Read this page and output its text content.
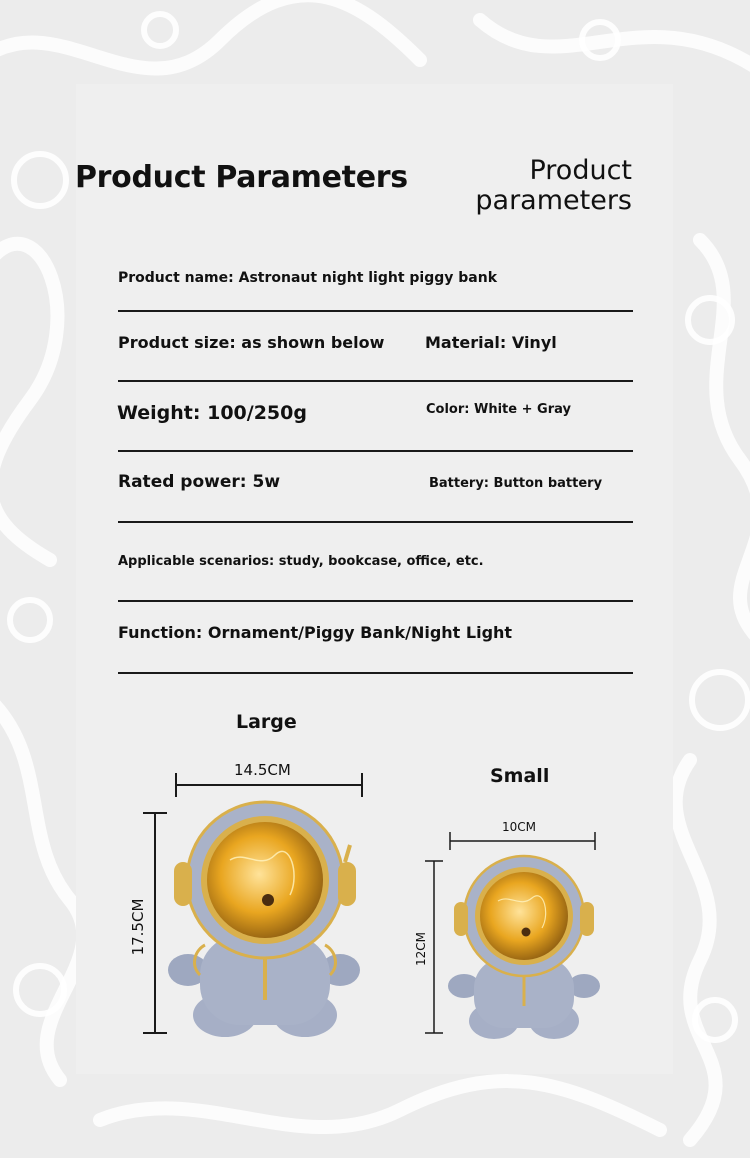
Product Parameters	Product
parameters
Product name: Astronaut night light piggy bank
Product size: as shown below	Material: Vinyl
Weight: 100/250g	Color: White + Gray
Rated power: 5w	Battery: Button battery
Applicable scenarios: study, bookcase, office, etc.
Function: Ornament/Piggy Bank/Night Light
Large
Small
14.5CM
17.5CM
10CM
12CM
